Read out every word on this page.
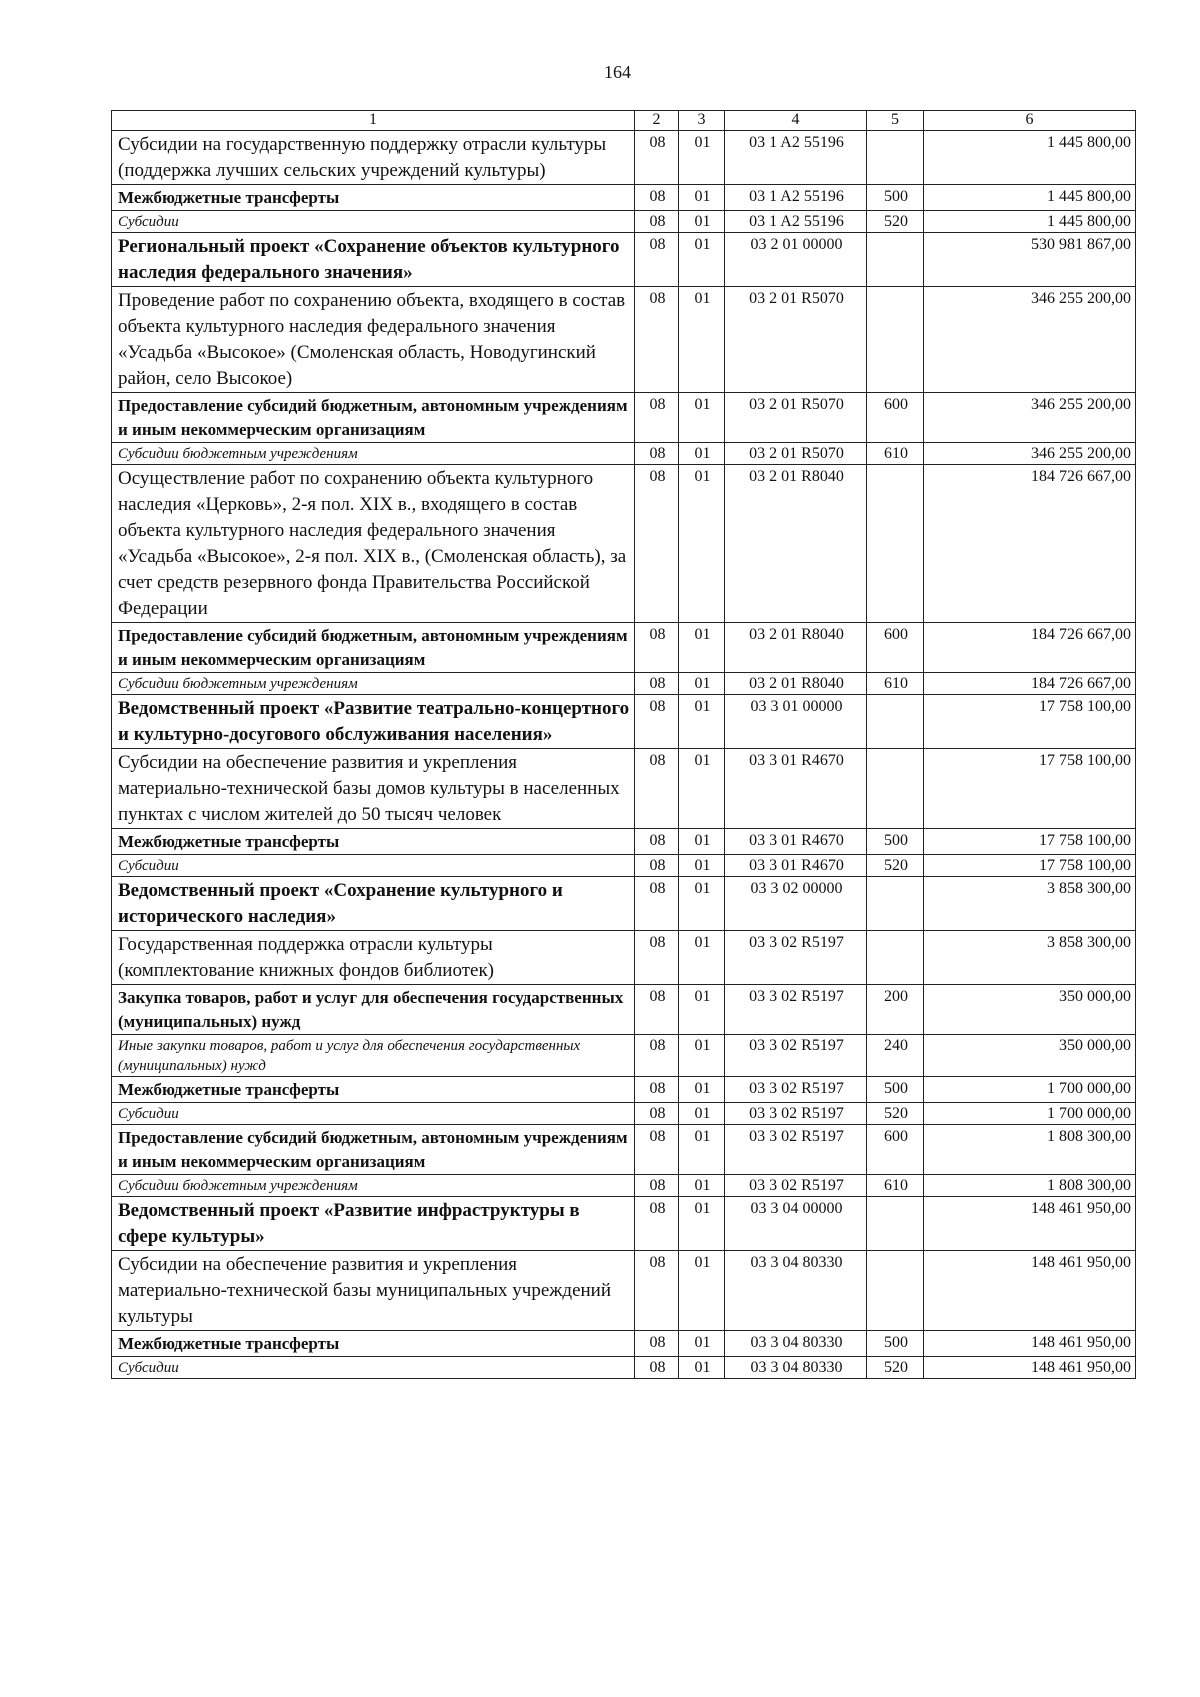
164
1	2	3	4	5	6
Субсидии на государственную поддержку отрасли культуры (поддержка лучших сельских учреждений культуры)	08	01	03 1 A2 55196		1 445 800,00
Межбюджетные трансферты	08	01	03 1 A2 55196	500	1 445 800,00
Субсидии	08	01	03 1 A2 55196	520	1 445 800,00
Региональный проект «Сохранение объектов культурного наследия федерального значения»	08	01	03 2 01 00000		530 981 867,00
Проведение работ по сохранению объекта, входящего в состав объекта культурного наследия федерального значения «Усадьба «Высокое» (Смоленская область, Новодугинский район, село Высокое)	08	01	03 2 01 R5070		346 255 200,00
Предоставление субсидий бюджетным, автономным учреждениям и иным некоммерческим организациям	08	01	03 2 01 R5070	600	346 255 200,00
Субсидии бюджетным учреждениям	08	01	03 2 01 R5070	610	346 255 200,00
Осуществление работ по сохранению объекта культурного наследия «Церковь», 2-я пол. XIX в., входящего в состав объекта культурного наследия федерального значения «Усадьба «Высокое», 2-я пол. XIX в., (Смоленская область), за счет средств резервного фонда Правительства Российской Федерации	08	01	03 2 01 R8040		184 726 667,00
Предоставление субсидий бюджетным, автономным учреждениям и иным некоммерческим организациям	08	01	03 2 01 R8040	600	184 726 667,00
Субсидии бюджетным учреждениям	08	01	03 2 01 R8040	610	184 726 667,00
Ведомственный проект «Развитие театрально-концертного и культурно-досугового обслуживания населения»	08	01	03 3 01 00000		17 758 100,00
Субсидии на обеспечение развития и укрепления материально-технической базы домов культуры в населенных пунктах с числом жителей до 50 тысяч человек	08	01	03 3 01 R4670		17 758 100,00
Межбюджетные трансферты	08	01	03 3 01 R4670	500	17 758 100,00
Субсидии	08	01	03 3 01 R4670	520	17 758 100,00
Ведомственный проект «Сохранение культурного и исторического наследия»	08	01	03 3 02 00000		3 858 300,00
Государственная поддержка отрасли культуры (комплектование книжных фондов библиотек)	08	01	03 3 02 R5197		3 858 300,00
Закупка товаров, работ и услуг для обеспечения государственных (муниципальных) нужд	08	01	03 3 02 R5197	200	350 000,00
Иные закупки товаров, работ и услуг для обеспечения государственных (муниципальных) нужд	08	01	03 3 02 R5197	240	350 000,00
Межбюджетные трансферты	08	01	03 3 02 R5197	500	1 700 000,00
Субсидии	08	01	03 3 02 R5197	520	1 700 000,00
Предоставление субсидий бюджетным, автономным учреждениям и иным некоммерческим организациям	08	01	03 3 02 R5197	600	1 808 300,00
Субсидии бюджетным учреждениям	08	01	03 3 02 R5197	610	1 808 300,00
Ведомственный проект «Развитие инфраструктуры в сфере культуры»	08	01	03 3 04 00000		148 461 950,00
Субсидии на обеспечение развития и укрепления материально-технической базы муниципальных учреждений культуры	08	01	03 3 04 80330		148 461 950,00
Межбюджетные трансферты	08	01	03 3 04 80330	500	148 461 950,00
Субсидии	08	01	03 3 04 80330	520	148 461 950,00
